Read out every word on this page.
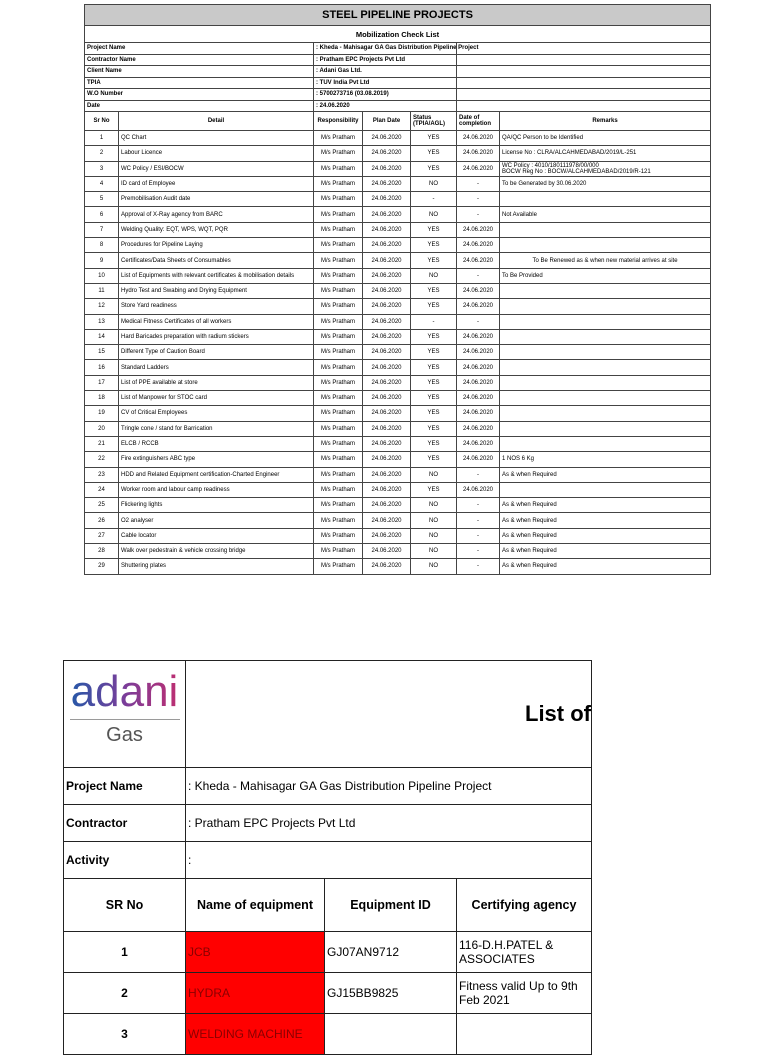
STEEL PIPELINE PROJECTS						
Mobilization Check List						
Project Name		: Kheda - Mahisagar GA Gas Distribution Pipeline Project				
Contractor Name		: Pratham EPC Projects Pvt Ltd				
Client Name		: Adani Gas Ltd.				
TPIA		: TUV India Pvt Ltd				
W.O Number		: 5700273716 (03.08.2019)				
Date		: 24.06.2020				
Sr No	Detail	Responsibility	Plan Date	Status (TPIA/AGL)	Date of completion	Remarks
1	QC Chart	M/s Pratham	24.06.2020	YES	24.06.2020	QA/QC Person to be Identified
2	Labour Licence	M/s Pratham	24.06.2020	YES	24.06.2020	License No : CLRA/ALCAHMEDABAD/2019/L-251
3	WC Policy / ESI/BOCW	M/s Pratham	24.06.2020	YES	24.06.2020	WC Policy : 4010/180111978/00/000
BOCW Reg No : BOCW/ALCAHMEDABAD/2019/R-121
4	ID card of Employee	M/s Pratham	24.06.2020	NO	-	To be Generated by 30.06.2020
5	Premobilisation Audit date	M/s Pratham	24.06.2020	-	-	
6	Approval of X-Ray agency from BARC	M/s Pratham	24.06.2020	NO	-	Not Available
7	Welding Quality: EQT, WPS, WQT, PQR	M/s Pratham	24.06.2020	YES	24.06.2020	
8	Procedures for Pipeline Laying	M/s Pratham	24.06.2020	YES	24.06.2020	
9	Certificates/Data Sheets of Consumables	M/s Pratham	24.06.2020	YES	24.06.2020	To Be Renewed as & when new material arrives at site
10	List of Equipments with relevant certificates & mobilisation details	M/s Pratham	24.06.2020	NO	-	To Be Provided
11	Hydro Test and Swabing and Drying Equipment	M/s Pratham	24.06.2020	YES	24.06.2020	
12	Store Yard readiness	M/s Pratham	24.06.2020	YES	24.06.2020	
13	Medical Fitness Certificates of all workers	M/s Pratham	24.06.2020	-	-	
14	Hard Baricades preparation with radium stickers	M/s Pratham	24.06.2020	YES	24.06.2020	
15	Different Type of Caution Board	M/s Pratham	24.06.2020	YES	24.06.2020	
16	Standard Ladders	M/s Pratham	24.06.2020	YES	24.06.2020	
17	List of PPE available at store	M/s Pratham	24.06.2020	YES	24.06.2020	
18	List of Manpower for STOC card	M/s Pratham	24.06.2020	YES	24.06.2020	
19	CV of Critical Employees	M/s Pratham	24.06.2020	YES	24.06.2020	
20	Tringle cone / stand for Barrication	M/s Pratham	24.06.2020	YES	24.06.2020	
21	ELCB / RCCB	M/s Pratham	24.06.2020	YES	24.06.2020	
22	Fire extinguishers ABC type	M/s Pratham	24.06.2020	YES	24.06.2020	1 NOS 6 Kg
23	HDD and Related Equipment certification-Charted Engineer	M/s Pratham	24.06.2020	NO	-	As & when Required
24	Worker room and labour camp readiness	M/s Pratham	24.06.2020	YES	24.06.2020	
25	Flickering lights	M/s Pratham	24.06.2020	NO	-	As & when Required
26	O2 analyser	M/s Pratham	24.06.2020	NO	-	As & when Required
27	Cable locator	M/s Pratham	24.06.2020	NO	-	As & when Required
28	Walk over pedestrain & vehicle crossing bridge	M/s Pratham	24.06.2020	NO	-	As & when Required
29	Shuttering plates	M/s Pratham	24.06.2020	NO	-	As & when Required
adani
Gas	List of		
Project Name	: Kheda - Mahisagar GA Gas Distribution Pipeline Project		
Contractor	: Pratham EPC Projects Pvt Ltd		
Activity	:		
SR No	Name of equipment	Equipment ID	Certifying agency
1	JCB	GJ07AN9712	116-D.H.PATEL & ASSOCIATES
2	HYDRA	GJ15BB9825	Fitness valid Up to 9th Feb 2021
3	WELDING MACHINE		
